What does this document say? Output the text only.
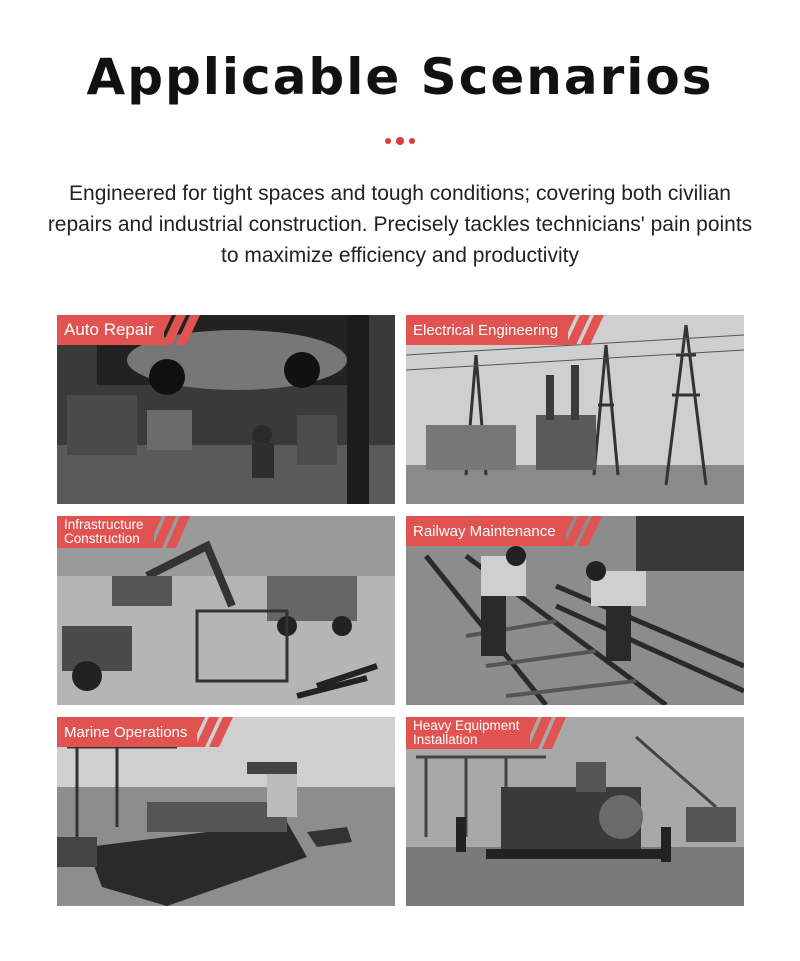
Applicable Scenarios
Engineered for tight spaces and tough conditions; covering both civilian repairs and industrial construction. Precisely tackles technicians' pain points to maximize efficiency and productivity
Auto Repair	Electrical Engineering
Infrastructure
Construction	Railway Maintenance
Marine Operations	Heavy Equipment
Installation
